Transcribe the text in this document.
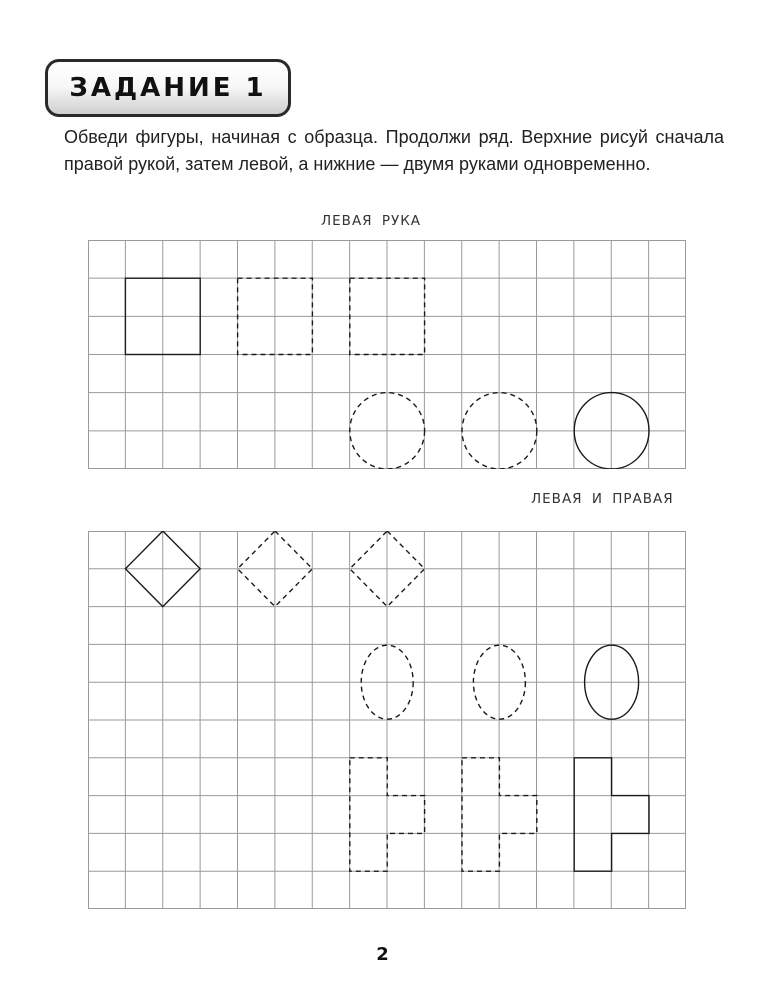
ЗАДАНИЕ 1
Обведи фигуры, начиная с образца. Продолжи ряд. Верхние рисуй сначала правой рукой, затем левой, а нижние — двумя руками одновременно.
ЛЕВАЯ РУКА
ЛЕВАЯ И ПРАВАЯ
2
